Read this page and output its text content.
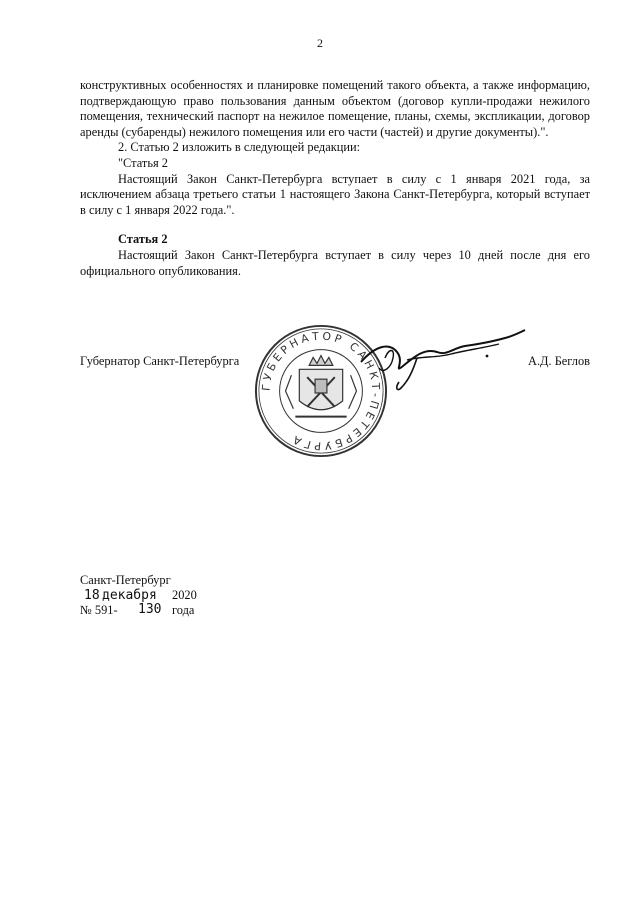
2

конструктивных особенностях и планировке помещений такого объекта, а также информацию, подтверждающую право пользования данным объектом (договор купли-продажи нежилого помещения, технический паспорт на нежилое помещение, планы, схемы, экспликации, договор аренды (субаренды) нежилого помещения или его части (частей) и другие документы).".

2. Статью 2 изложить в следующей редакции:

"Статья 2

Настоящий Закон Санкт-Петербурга вступает в силу с 1 января 2021 года, за исключением абзаца третьего статьи 1 настоящего Закона Санкт-Петербурга, который вступает в силу с 1 января 2022 года.".

Статья 2

Настоящий Закон Санкт-Петербурга вступает в силу через 10 дней после дня его официального опубликования.

Губернатор Санкт-Петербурга	А.Д. Беглов
ГУБЕРНАТОР САНКТ-ПЕТЕРБУРГА
Санкт-Петербург
18 декабря 2020 года
№ 591- 130
